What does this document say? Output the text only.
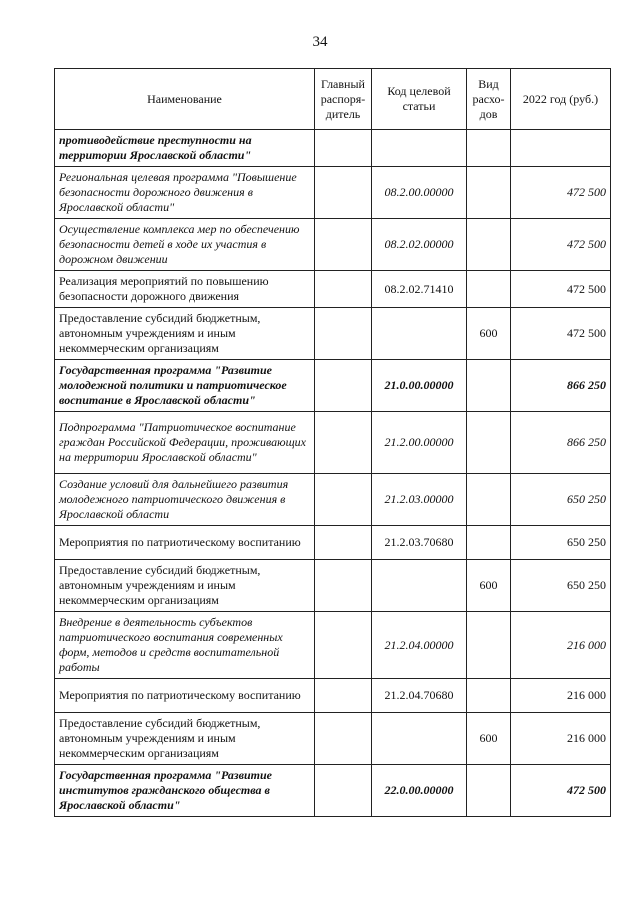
34
Наименование	Главный распоря- дитель	Код целевой статьи	Вид расхо- дов	2022 год (руб.)
противодействие преступности на территории Ярославской области"				
Региональная целевая программа "Повышение безопасности дорожного движения в Ярославской области"		08.2.00.00000		472 500
Осуществление комплекса мер по обеспечению безопасности детей в ходе их участия в дорожном движении		08.2.02.00000		472 500
Реализация мероприятий по повышению безопасности дорожного движения		08.2.02.71410		472 500
Предоставление субсидий бюджетным, автономным учреждениям и иным некоммерческим организациям			600	472 500
Государственная программа "Развитие молодежной политики и патриотическое воспитание в Ярославской области"		21.0.00.00000		866 250
Подпрограмма "Патриотическое воспитание граждан Российской Федерации, проживающих на территории Ярославской области"		21.2.00.00000		866 250
Создание условий для дальнейшего развития молодежного патриотического движения в Ярославской области		21.2.03.00000		650 250
Мероприятия по патриотическому воспитанию		21.2.03.70680		650 250
Предоставление субсидий бюджетным, автономным учреждениям и иным некоммерческим организациям			600	650 250
Внедрение в деятельность субъектов патриотического воспитания современных форм, методов и средств воспитательной работы		21.2.04.00000		216 000
Мероприятия по патриотическому воспитанию		21.2.04.70680		216 000
Предоставление субсидий бюджетным, автономным учреждениям и иным некоммерческим организациям			600	216 000
Государственная программа "Развитие институтов гражданского общества в Ярославской области"		22.0.00.00000		472 500
